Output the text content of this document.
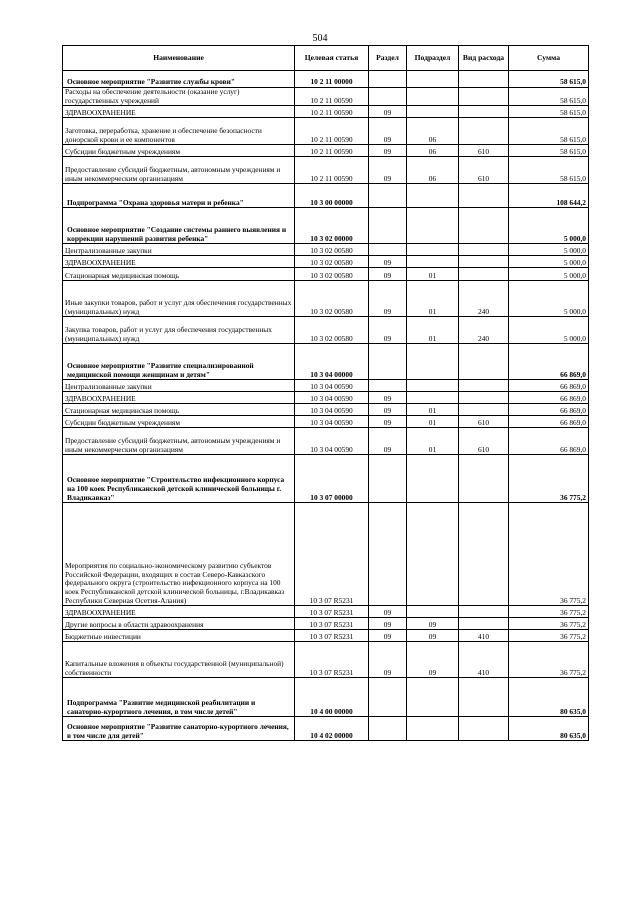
504
Наименование	Целевая статья	Раздел	Подраздел	Вид расхода	Сумма
Основное мероприятие "Развитие службы крови"	10 2 11 00000				58 615,0
Расходы на обеспечение деятельности (оказание услуг) государственных учреждений	10 2 11 00590				58 615,0
ЗДРАВООХРАНЕНИЕ	10 2 11 00590	09			58 615,0
Заготовка, переработка, хранение и обеспечение безопасности донорской крови и ее компонентов	10 2 11 00590	09	06		58 615,0
Субсидии бюджетным учреждениям	10 2 11 00590	09	06	610	58 615,0
Предоставление субсидий бюджетным, автономным учреждениям и иным некоммерческим организациям	10 2 11 00590	09	06	610	58 615,0
Подпрограмма "Охрана здоровья матери и ребенка"	10 3 00 00000				108 644,2
Основное мероприятие "Создание системы раннего выявления и коррекции нарушений развития ребенка"	10 3 02 00000				5 000,0
Централизованные закупки	10 3 02 00580				5 000,0
ЗДРАВООХРАНЕНИЕ	10 3 02 00580	09			5 000,0
Стационарная медицинская помощь	10 3 02 00580	09	01		5 000,0
Иные закупки товаров, работ и услуг для обеспечения государственных (муниципальных) нужд	10 3 02 00580	09	01	240	5 000,0
Закупка товаров, работ и услуг для обеспечения государственных (муниципальных) нужд	10 3 02 00580	09	01	240	5 000,0
Основное мероприятие "Развитие специализированной медицинской помощи женщинам и детям"	10 3 04 00000				66 869,0
Централизованные закупки	10 3 04 00590				66 869,0
ЗДРАВООХРАНЕНИЕ	10 3 04 00590	09			66 869,0
Стационарная медицинская помощь	10 3 04 00590	09	01		66 869,0
Субсидии бюджетным учреждениям	10 3 04 00590	09	01	610	66 869,0
Предоставление субсидий бюджетным, автономным учреждениям и иным некоммерческим организациям	10 3 04 00590	09	01	610	66 869,0
Основное мероприятие "Строительство инфекционного корпуса на 100 коек Республиканской детской клинической больницы г. Владикавказ"	10 3 07 00000				36 775,2
Мероприятия по социально-экономическому развитию субъектов Российской Федерации, входящих в состав Северо-Кавказского федерального округа (строительство инфекционного корпуса на 100 коек Республиканской детской клинической больницы, г.Владикавказ Республики Северная Осетия-Алания)	10 3 07 R5231				36 775,2
ЗДРАВООХРАНЕНИЕ	10 3 07 R5231	09			36 775,2
Другие вопросы в области здравоохранения	10 3 07 R5231	09	09		36 775,2
Бюджетные инвестиции	10 3 07 R5231	09	09	410	36 775,2
Капитальные вложения в объекты государственной (муниципальной) собственности	10 3 07 R5231	09	09	410	36 775,2
Подпрограмма "Развитие медицинской реабилитации и санаторно-курортного лечения, в том числе детей"	10 4 00 00000				80 635,0
Основное мероприятие "Развитие санаторно-курортного лечения, в том числе для детей"	10 4 02 00000				80 635,0
